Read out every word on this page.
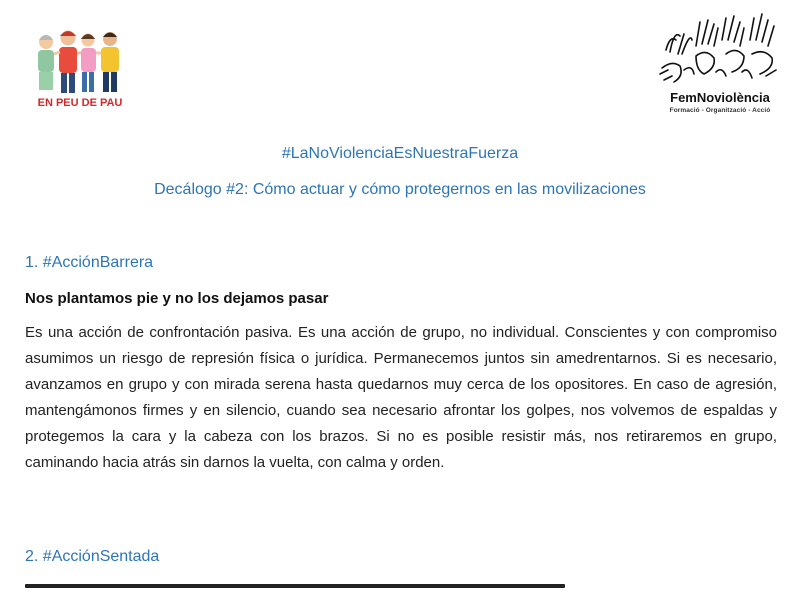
EN PEU DE PAU	FemNoviolència
Formació - Organització - Acció
#LaNoViolenciaEsNuestraFuerza
Decálogo #2: Cómo actuar y cómo protegernos en las movilizaciones
1. #AcciónBarrera
Nos plantamos pie y no los dejamos pasar
Es una acción de confrontación pasiva. Es una acción de grupo, no individual. Conscientes y con compromiso asumimos un riesgo de represión física o jurídica. Permanecemos juntos sin amedrentarnos. Si es necesario, avanzamos en grupo y con mirada serena hasta quedarnos muy cerca de los opositores. En caso de agresión, mantengámonos firmes y en silencio, cuando sea necesario afrontar los golpes, nos volvemos de espaldas y protegemos la cara y la cabeza con los brazos. Si no es posible resistir más, nos retiraremos en grupo, caminando hacia atrás sin darnos la vuelta, con calma y orden.
2. #AcciónSentada
